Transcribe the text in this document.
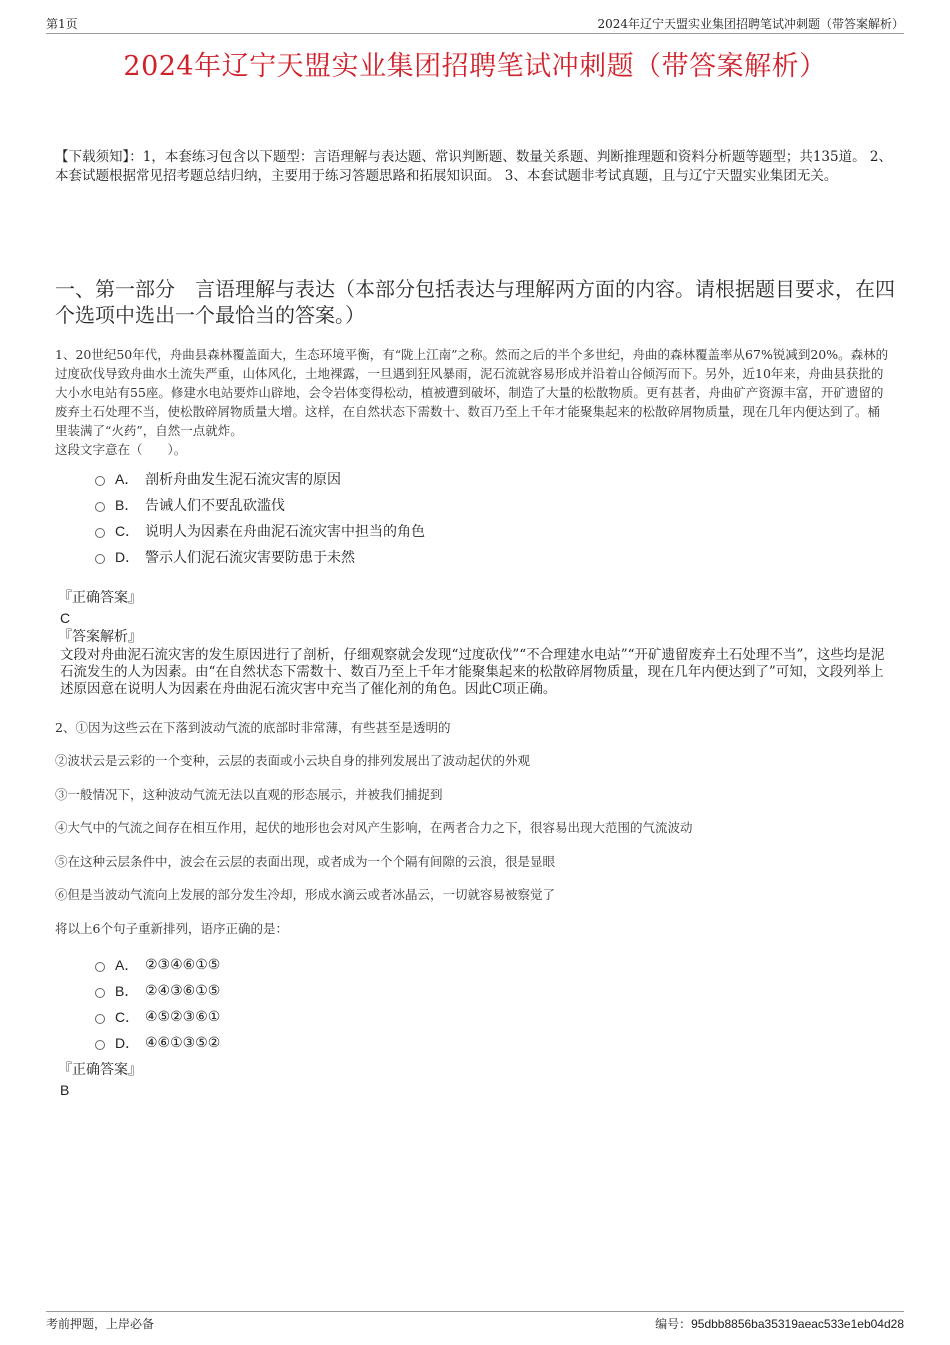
第1页	2024年辽宁天盟实业集团招聘笔试冲刺题（带答案解析）
2024年辽宁天盟实业集团招聘笔试冲刺题（带答案解析）
【下载须知】：1，本套练习包含以下题型：言语理解与表达题、常识判断题、数量关系题、判断推理题和资料分析题等题型；共135道。 2、本套试题根据常见招考题总结归纳，主要用于练习答题思路和拓展知识面。 3、本套试题非考试真题，且与辽宁天盟实业集团无关。
一、第一部分　言语理解与表达（本部分包括表达与理解两方面的内容。请根据题目要求，在四个选项中选出一个最恰当的答案。）
1、20世纪50年代，舟曲县森林覆盖面大，生态环境平衡，有“陇上江南”之称。然而之后的半个多世纪，舟曲的森林覆盖率从67%锐减到20%。森林的过度砍伐导致舟曲水土流失严重，山体风化，土地裸露，一旦遇到狂风暴雨，泥石流就容易形成并沿着山谷倾泻而下。另外，近10年来，舟曲县获批的大小水电站有55座。修建水电站要炸山辟地，会令岩体变得松动，植被遭到破坏，制造了大量的松散物质。更有甚者，舟曲矿产资源丰富，开矿遗留的废弃土石处理不当，使松散碎屑物质量大增。这样，在自然状态下需数十、数百乃至上千年才能聚集起来的松散碎屑物质量，现在几年内便达到了。桶里装满了“火药”，自然一点就炸。
这段文字意在（　　）。
A． 剖析舟曲发生泥石流灾害的原因
B． 告诫人们不要乱砍滥伐
C． 说明人为因素在舟曲泥石流灾害中担当的角色
D． 警示人们泥石流灾害要防患于未然
『正确答案』
C
『答案解析』
文段对舟曲泥石流灾害的发生原因进行了剖析，仔细观察就会发现“过度砍伐”“不合理建水电站”“开矿遗留废弃土石处理不当”，这些均是泥石流发生的人为因素。由“在自然状态下需数十、数百乃至上千年才能聚集起来的松散碎屑物质量，现在几年内便达到了”可知，文段列举上述原因意在说明人为因素在舟曲泥石流灾害中充当了催化剂的角色。因此C项正确。
2、①因为这些云在下落到波动气流的底部时非常薄，有些甚至是透明的
②波状云是云彩的一个变种，云层的表面或小云块自身的排列发展出了波动起伏的外观
③一般情况下，这种波动气流无法以直观的形态展示，并被我们捕捉到
④大气中的气流之间存在相互作用，起伏的地形也会对风产生影响，在两者合力之下，很容易出现大范围的气流波动
⑤在这种云层条件中，波会在云层的表面出现，或者成为一个个隔有间隙的云浪，很是显眼
⑥但是当波动气流向上发展的部分发生冷却，形成水滴云或者冰晶云，一切就容易被察觉了
将以上6个句子重新排列，语序正确的是：
A． ②③④⑥①⑤
B． ②④③⑥①⑤
C． ④⑤②③⑥①
D． ④⑥①③⑤②
『正确答案』
B
考前押题，上岸必备	编号：95dbb8856ba35319aeac533e1eb04d28
